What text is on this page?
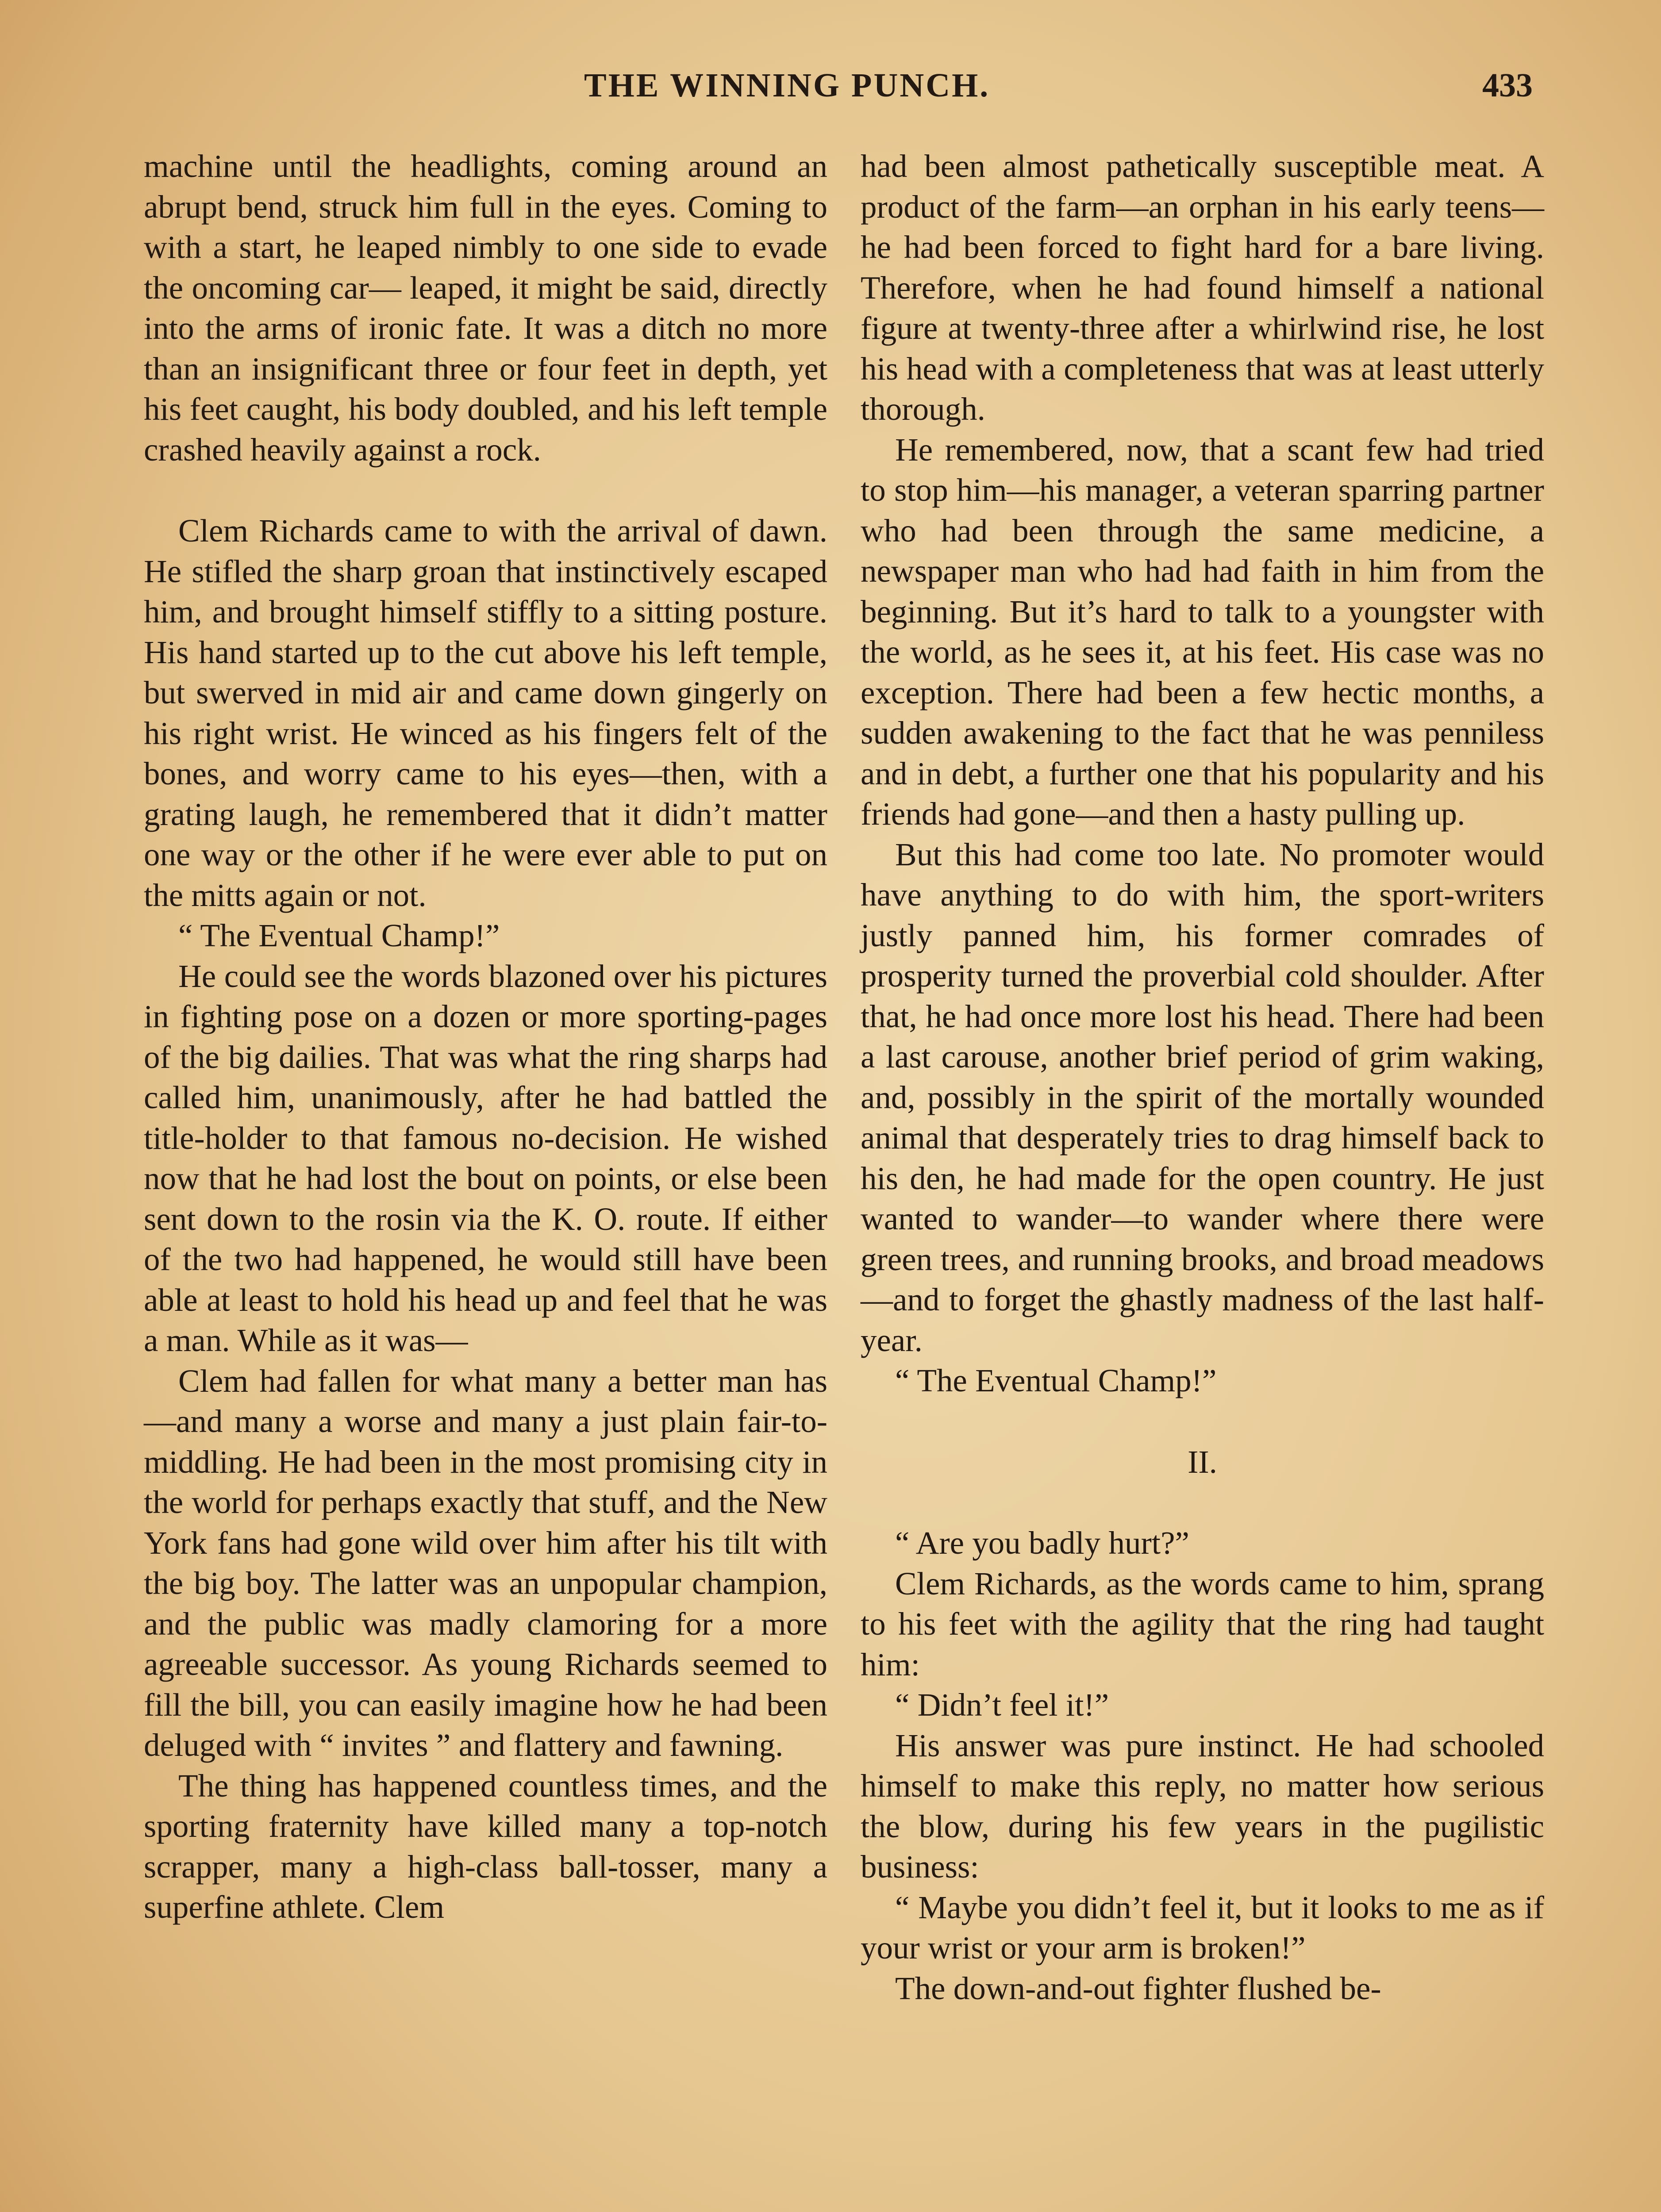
THE WINNING PUNCH.	433

machine until the headlights, coming around an abrupt bend, struck him full in the eyes. Coming to with a start, he leaped nimbly to one side to evade the oncoming car— leaped, it might be said, directly into the arms of ironic fate. It was a ditch no more than an insignificant three or four feet in depth, yet his feet caught, his body doubled, and his left temple crashed heavily against a rock.

Clem Richards came to with the arrival of dawn. He stifled the sharp groan that instinctively escaped him, and brought himself stiffly to a sitting posture. His hand started up to the cut above his left temple, but swerved in mid air and came down gingerly on his right wrist. He winced as his fingers felt of the bones, and worry came to his eyes—then, with a grating laugh, he remembered that it didn’t matter one way or the other if he were ever able to put on the mitts again or not.

“ The Eventual Champ!”

He could see the words blazoned over his pictures in fighting pose on a dozen or more sporting-pages of the big dailies. That was what the ring sharps had called him, unanimously, after he had battled the title-holder to that famous no-decision. He wished now that he had lost the bout on points, or else been sent down to the rosin via the K. O. route. If either of the two had happened, he would still have been able at least to hold his head up and feel that he was a man. While as it was—

Clem had fallen for what many a better man has—and many a worse and many a just plain fair-to-middling. He had been in the most promising city in the world for perhaps exactly that stuff, and the New York fans had gone wild over him after his tilt with the big boy. The latter was an unpopular champion, and the public was madly clamoring for a more agreeable successor. As young Richards seemed to fill the bill, you can easily imagine how he had been deluged with “ invites ” and flattery and fawning.

The thing has happened countless times, and the sporting fraternity have killed many a top-notch scrapper, many a high-class ball-tosser, many a superfine athlete. Clem

had been almost pathetically susceptible meat. A product of the farm—an orphan in his early teens—he had been forced to fight hard for a bare living. Therefore, when he had found himself a national figure at twenty-three after a whirlwind rise, he lost his head with a completeness that was at least utterly thorough.

He remembered, now, that a scant few had tried to stop him—his manager, a veteran sparring partner who had been through the same medicine, a newspaper man who had had faith in him from the beginning. But it’s hard to talk to a youngster with the world, as he sees it, at his feet. His case was no exception. There had been a few hectic months, a sudden awakening to the fact that he was penniless and in debt, a further one that his popularity and his friends had gone—and then a hasty pulling up.

But this had come too late. No promoter would have anything to do with him, the sport-writers justly panned him, his former comrades of prosperity turned the proverbial cold shoulder. After that, he had once more lost his head. There had been a last carouse, another brief period of grim waking, and, possibly in the spirit of the mortally wounded animal that desperately tries to drag himself back to his den, he had made for the open country. He just wanted to wander—to wander where there were green trees, and running brooks, and broad meadows—and to forget the ghastly madness of the last half-year.

“ The Eventual Champ!”

II.

“ Are you badly hurt?”

Clem Richards, as the words came to him, sprang to his feet with the agility that the ring had taught him:

“ Didn’t feel it!”

His answer was pure instinct. He had schooled himself to make this reply, no matter how serious the blow, during his few years in the pugilistic business:

“ Maybe you didn’t feel it, but it looks to me as if your wrist or your arm is broken!”

The down-and-out fighter flushed be-
